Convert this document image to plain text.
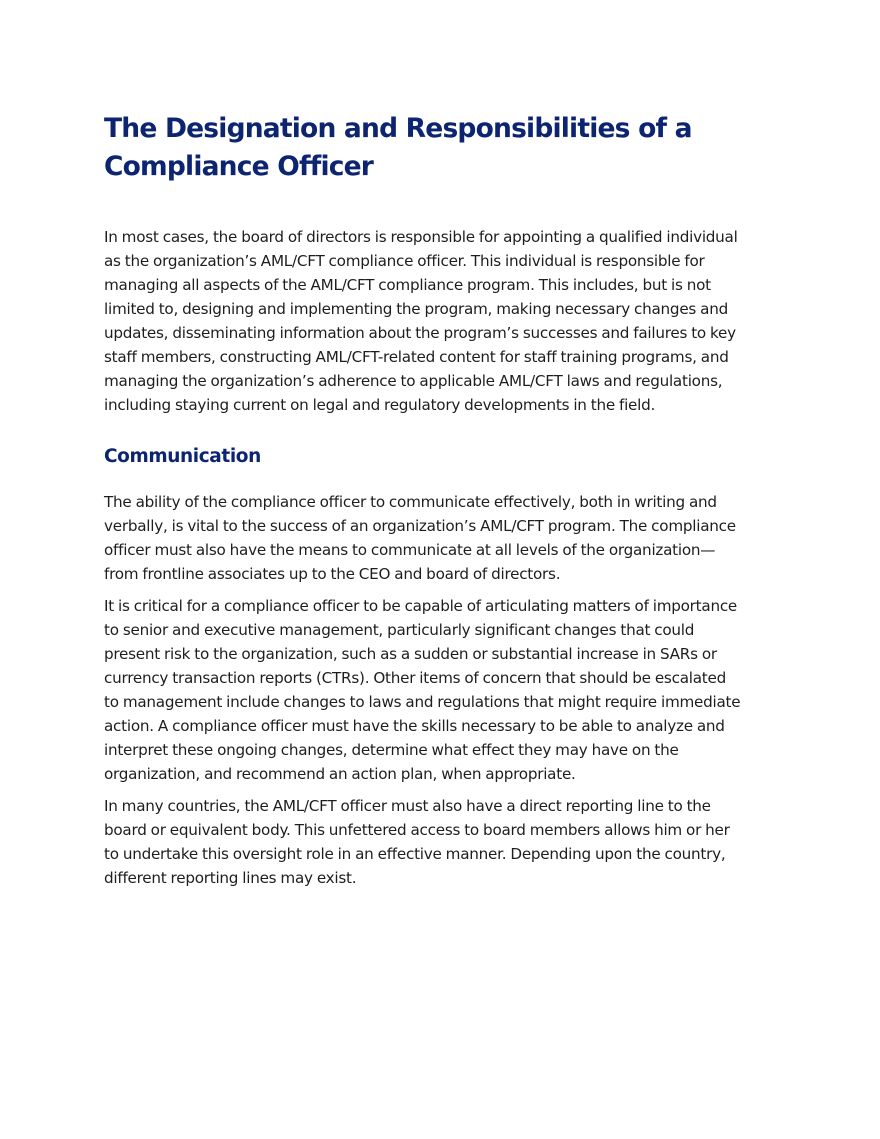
The Designation and Responsibilities of a Compliance Officer

In most cases, the board of directors is responsible for appointing a qualified individual as the organization’s AML/CFT compliance officer. This individual is responsible for managing all aspects of the AML/CFT compliance program. This includes, but is not limited to, designing and implementing the program, making necessary changes and updates, disseminating information about the program’s successes and failures to key staff members, constructing AML/CFT-related content for staff training programs, and managing the organization’s adherence to applicable AML/CFT laws and regulations, including staying current on legal and regulatory developments in the field.

Communication

The ability of the compliance officer to communicate effectively, both in writing and verbally, is vital to the success of an organization’s AML/CFT program. The compliance officer must also have the means to communicate at all levels of the organization—from frontline associates up to the CEO and board of directors.

It is critical for a compliance officer to be capable of articulating matters of importance to senior and executive management, particularly significant changes that could present risk to the organization, such as a sudden or substantial increase in SARs or currency transaction reports (CTRs). Other items of concern that should be escalated to management include changes to laws and regulations that might require immediate action. A compliance officer must have the skills necessary to be able to analyze and interpret these ongoing changes, determine what effect they may have on the organization, and recommend an action plan, when appropriate.

In many countries, the AML/CFT officer must also have a direct reporting line to the board or equivalent body. This unfettered access to board members allows him or her to undertake this oversight role in an effective manner. Depending upon the country, different reporting lines may exist.
